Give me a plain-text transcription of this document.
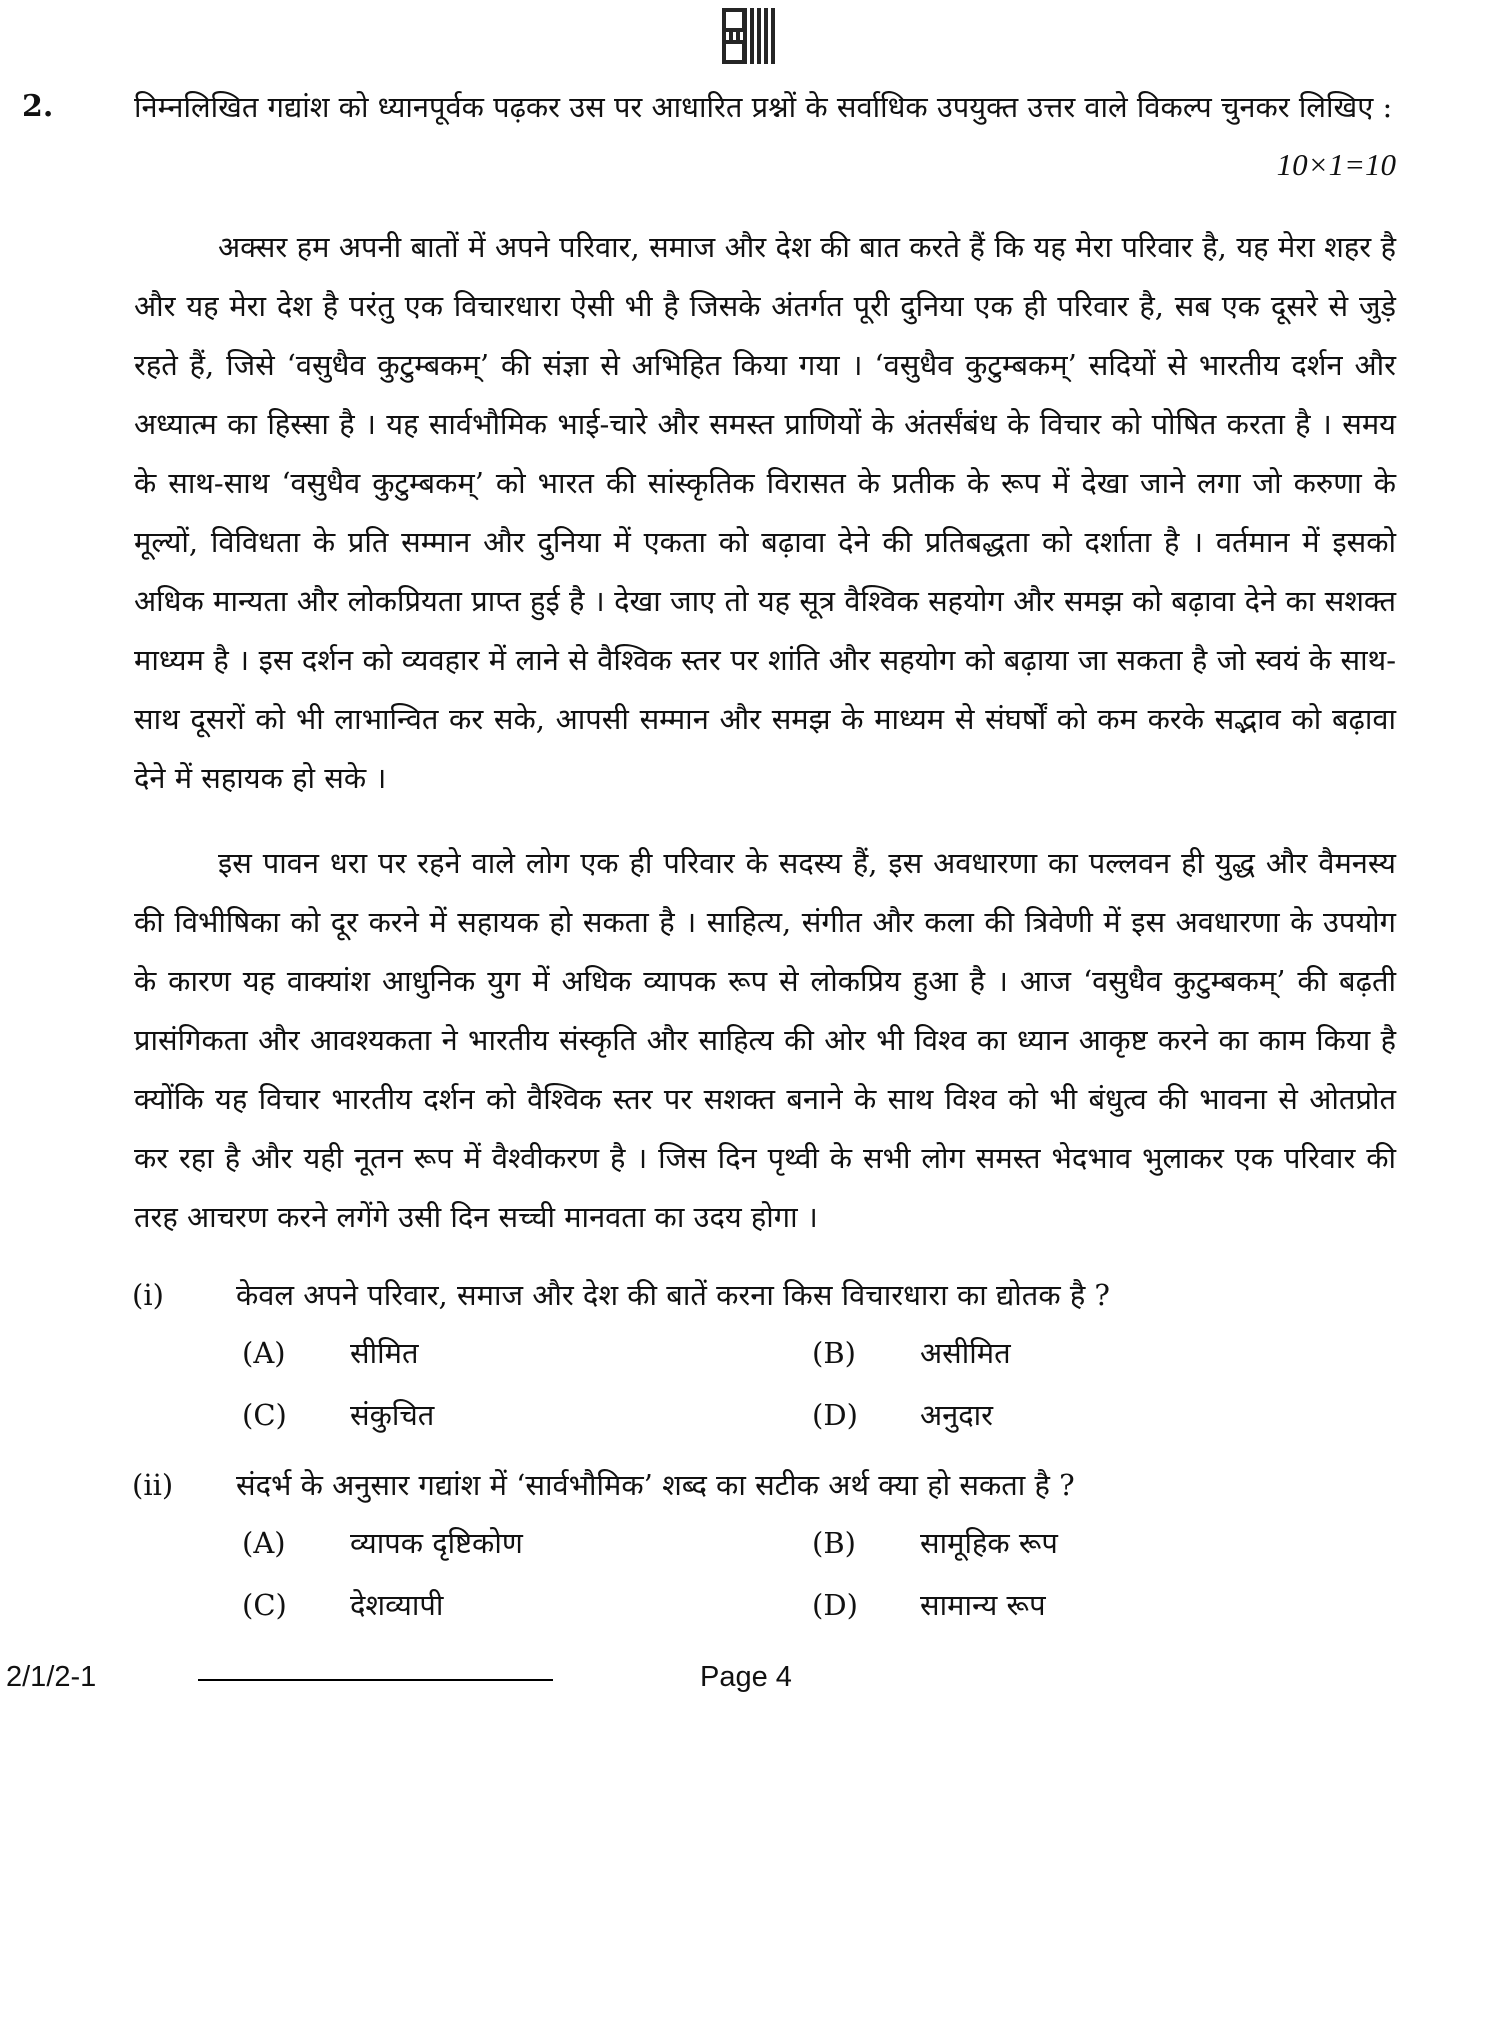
2.	निम्नलिखित गद्यांश को ध्यानपूर्वक पढ़कर उस पर आधारित प्रश्नों के सर्वाधिक उपयुक्त उत्तर वाले विकल्प चुनकर लिखिए :
10×1=10
अक्सर हम अपनी बातों में अपने परिवार, समाज और देश की बात करते हैं कि यह मेरा परिवार है, यह मेरा शहर है और यह मेरा देश है परंतु एक विचारधारा ऐसी भी है जिसके अंतर्गत पूरी दुनिया एक ही परिवार है, सब एक दूसरे से जुड़े रहते हैं, जिसे ‘वसुधैव कुटुम्बकम्’ की संज्ञा से अभिहित किया गया । ‘वसुधैव कुटुम्बकम्’ सदियों से भारतीय दर्शन और अध्यात्म का हिस्सा है । यह सार्वभौमिक भाई-चारे और समस्त प्राणियों के अंतर्संबंध के विचार को पोषित करता है । समय के साथ-साथ ‘वसुधैव कुटुम्बकम्’ को भारत की सांस्कृतिक विरासत के प्रतीक के रूप में देखा जाने लगा जो करुणा के मूल्यों, विविधता के प्रति सम्मान और दुनिया में एकता को बढ़ावा देने की प्रतिबद्धता को दर्शाता है । वर्तमान में इसको अधिक मान्यता और लोकप्रियता प्राप्त हुई है । देखा जाए तो यह सूत्र वैश्विक सहयोग और समझ को बढ़ावा देने का सशक्त माध्यम है । इस दर्शन को व्यवहार में लाने से वैश्विक स्तर पर शांति और सहयोग को बढ़ाया जा सकता है जो स्वयं के साथ-साथ दूसरों को भी लाभान्वित कर सके, आपसी सम्मान और समझ के माध्यम से संघर्षों को कम करके सद्भाव को बढ़ावा देने में सहायक हो सके ।
इस पावन धरा पर रहने वाले लोग एक ही परिवार के सदस्य हैं, इस अवधारणा का पल्लवन ही युद्ध और वैमनस्य की विभीषिका को दूर करने में सहायक हो सकता है । साहित्य, संगीत और कला की त्रिवेणी में इस अवधारणा के उपयोग के कारण यह वाक्यांश आधुनिक युग में अधिक व्यापक रूप से लोकप्रिय हुआ है । आज ‘वसुधैव कुटुम्बकम्’ की बढ़ती प्रासंगिकता और आवश्यकता ने भारतीय संस्कृति और साहित्य की ओर भी विश्व का ध्यान आकृष्ट करने का काम किया है क्योंकि यह विचार भारतीय दर्शन को वैश्विक स्तर पर सशक्त बनाने के साथ विश्व को भी बंधुत्व की भावना से ओतप्रोत कर रहा है और यही नूतन रूप में वैश्वीकरण है । जिस दिन पृथ्वी के सभी लोग समस्त भेदभाव भुलाकर एक परिवार की तरह आचरण करने लगेंगे उसी दिन सच्ची मानवता का उदय होगा ।
(i)	केवल अपने परिवार, समाज और देश की बातें करना किस विचारधारा का द्योतक है ?
(A) सीमित	(B) असीमित
(C) संकुचित	(D) अनुदार
(ii)	संदर्भ के अनुसार गद्यांश में ‘सार्वभौमिक’ शब्द का सटीक अर्थ क्या हो सकता है ?
(A) व्यापक दृष्टिकोण	(B) सामूहिक रूप
(C) देशव्यापी	(D) सामान्य रूप
2/1/2-1	Page 4
